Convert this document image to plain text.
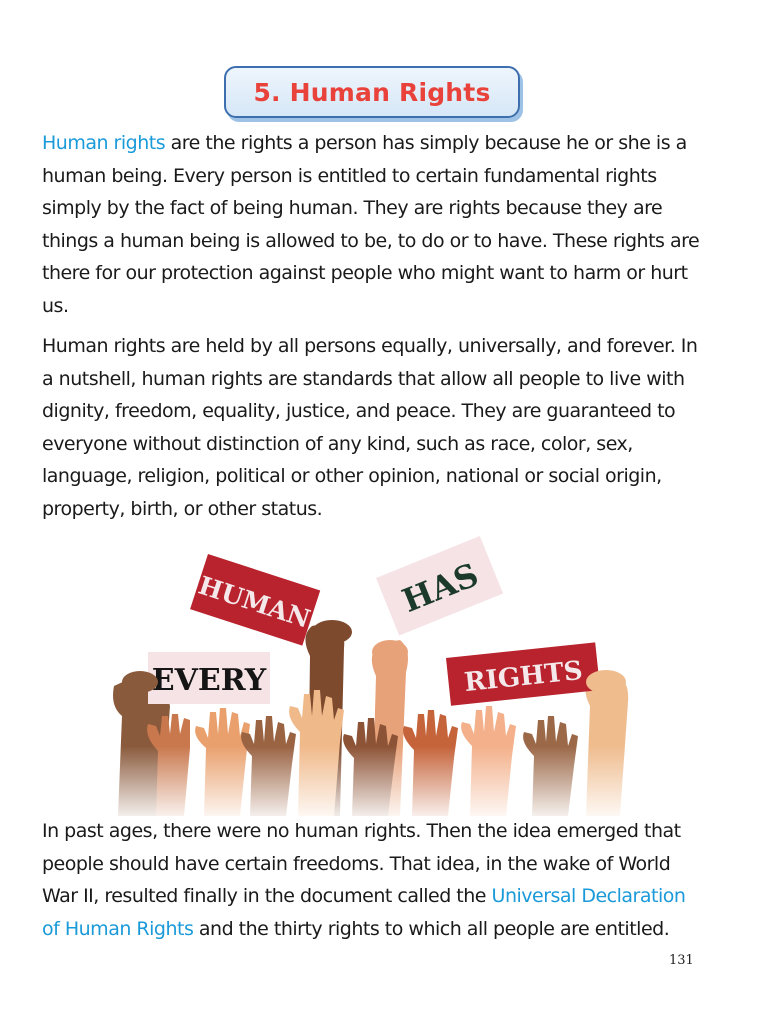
5. Human Rights

Human rights are the rights a person has simply because he or she is a human being. Every person is entitled to certain fundamental rights simply by the fact of being human. They are rights because they are things a human being is allowed to be, to do or to have. These rights are there for our protection against people who might want to harm or hurt us.

Human rights are held by all persons equally, universally, and forever. In a nutshell, human rights are standards that allow all people to live with dignity, freedom, equality, justice, and peace. They are guaranteed to everyone without distinction of any kind, such as race, color, sex, language, religion, political or other opinion, national or social origin, property, birth, or other status.

In past ages, there were no human rights. Then the idea emerged that people should have certain freedoms. That idea, in the wake of World War II, resulted finally in the document called the Universal Declaration of Human Rights and the thirty rights to which all people are entitled.

131
